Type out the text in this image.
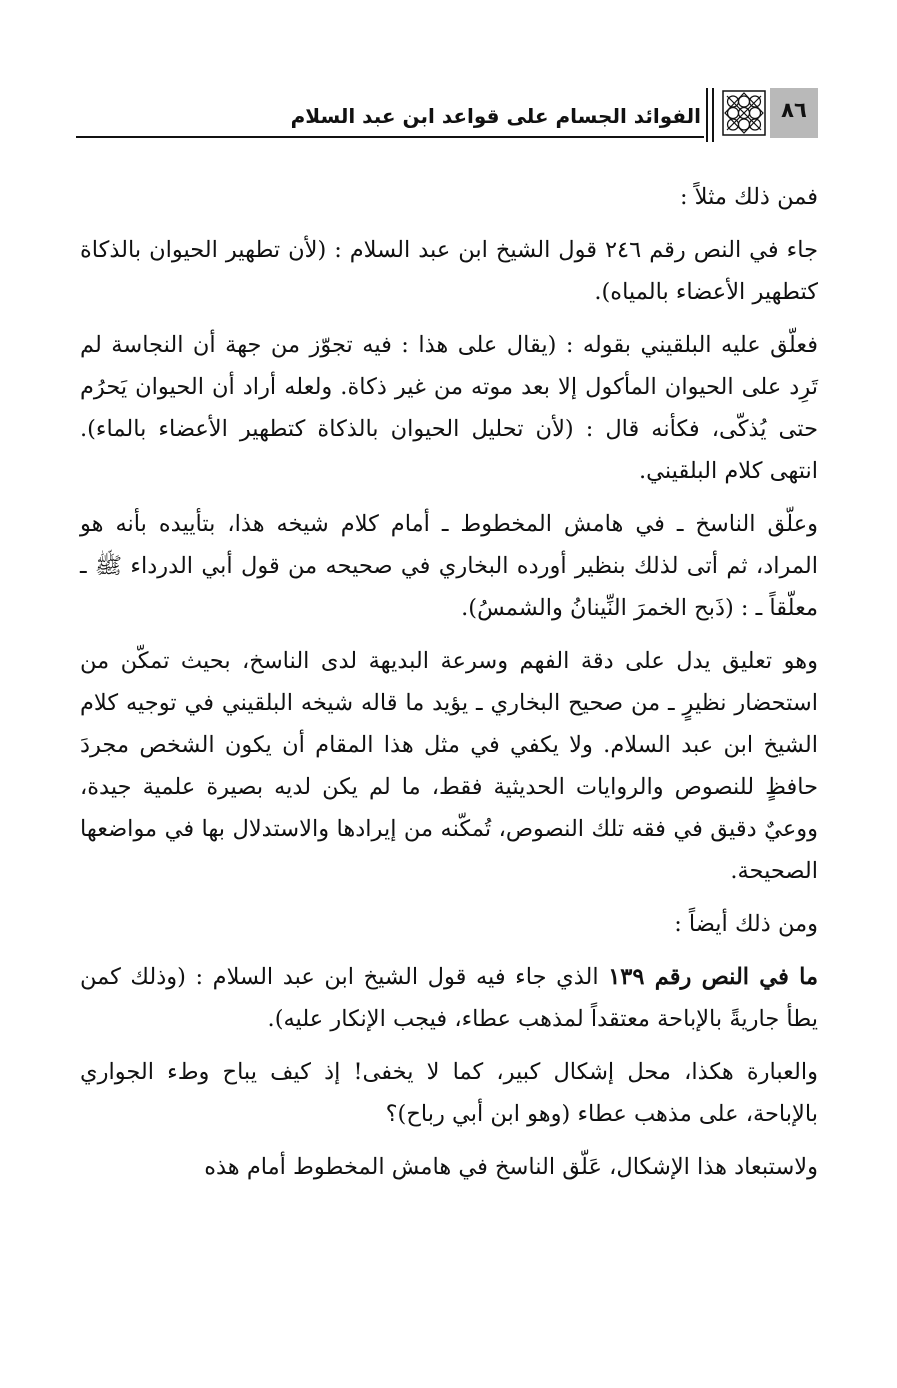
الفوائد الجسام على قواعد ابن عبد السلام	٨٦

فمن ذلك مثلاً :

جاء في النص رقم ٢٤٦ قول الشيخ ابن عبد السلام : (لأن تطهير الحيوان بالذكاة كتطهير الأعضاء بالمياه).

فعلّق عليه البلقيني بقوله : (يقال على هذا : فيه تجوّز من جهة أن النجاسة لم تَرِد على الحيوان المأكول إلا بعد موته من غير ذكاة. ولعله أراد أن الحيوان يَحرُم حتى يُذكّى، فكأنه قال : (لأن تحليل الحيوان بالذكاة كتطهير الأعضاء بالماء). انتهى كلام البلقيني.

وعلّق الناسخ ـ في هامش المخطوط ـ أمام كلام شيخه هذا، بتأييده بأنه هو المراد، ثم أتى لذلك بنظير أورده البخاري في صحيحه من قول أبي الدرداء ﷺ ـ معلّقاً ـ : (ذَبح الخمرَ النِّينانُ والشمسُ).

وهو تعليق يدل على دقة الفهم وسرعة البديهة لدى الناسخ، بحيث تمكّن من استحضار نظيرٍ ـ من صحيح البخاري ـ يؤيد ما قاله شيخه البلقيني في توجيه كلام الشيخ ابن عبد السلام. ولا يكفي في مثل هذا المقام أن يكون الشخص مجردَ حافظٍ للنصوص والروايات الحديثية فقط، ما لم يكن لديه بصيرة علمية جيدة، ووعيٌ دقيق في فقه تلك النصوص، تُمكّنه من إيرادها والاستدلال بها في مواضعها الصحيحة.

ومن ذلك أيضاً :

ما في النص رقم ١٣٩ الذي جاء فيه قول الشيخ ابن عبد السلام : (وذلك كمن يطأ جاريةً بالإباحة معتقداً لمذهب عطاء، فيجب الإنكار عليه).

والعبارة هكذا، محل إشكال كبير، كما لا يخفى! إذ كيف يباح وطء الجواري بالإباحة، على مذهب عطاء (وهو ابن أبي رباح)؟

ولاستبعاد هذا الإشكال، عَلّق الناسخ في هامش المخطوط أمام هذه
